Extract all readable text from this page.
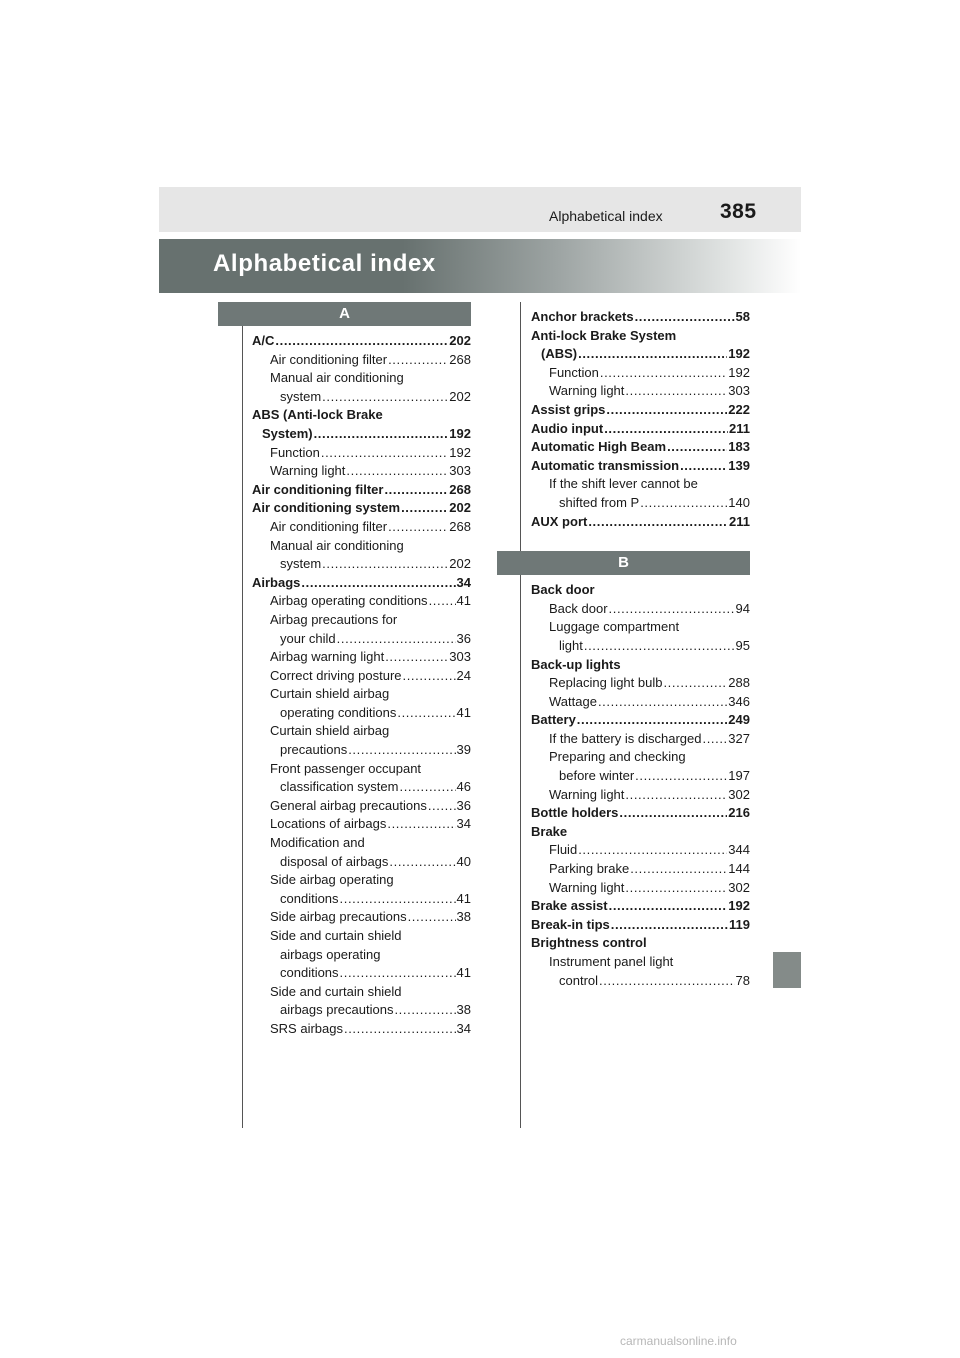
Alphabetical index	385
Alphabetical index
A
A/C .....	202
Air conditioning filter .....	268
Manual air conditioning
system .....	202
ABS (Anti-lock Brake
System) .....	192
Function .....	192
Warning light .....	303
Air conditioning filter .....	268
Air conditioning system .....	202
Air conditioning filter .....	268
Manual air conditioning
system .....	202
Airbags .....	34
Airbag operating conditions ..... 41
Airbag precautions for
your child .....	36
Airbag warning light .....	303
Correct driving posture .....	24
Curtain shield airbag
operating conditions .....	41
Curtain shield airbag
precautions .....	39
Front passenger occupant
classification system .....	46
General airbag precautions ..... 36
Locations of airbags .....	34
Modification and
disposal of airbags .....	40
Side airbag operating
conditions .....	41
Side airbag precautions .....	38
Side and curtain shield
airbags operating
conditions .....	41
Side and curtain shield
airbags precautions .....	38
SRS airbags .....	34
Anchor brackets .....	58
Anti-lock Brake System
(ABS) .....	192
Function .....	192
Warning light .....	303
Assist grips .....	222
Audio input .....	211
Automatic High Beam .....	183
Automatic transmission .....	139
If the shift lever cannot be
shifted from P .....	140
AUX port .....	211
B
Back door
Back door .....	94
Luggage compartment
light .....	95
Back-up lights
Replacing light bulb .....	288
Wattage .....	346
Battery .....	249
If the battery is discharged ..... 327
Preparing and checking
before winter .....	197
Warning light .....	302
Bottle holders .....	216
Brake
Fluid .....	344
Parking brake .....	144
Warning light .....	302
Brake assist .....	192
Break-in tips .....	119
Brightness control
Instrument panel light
control .....	78
carmanualsonline.info
